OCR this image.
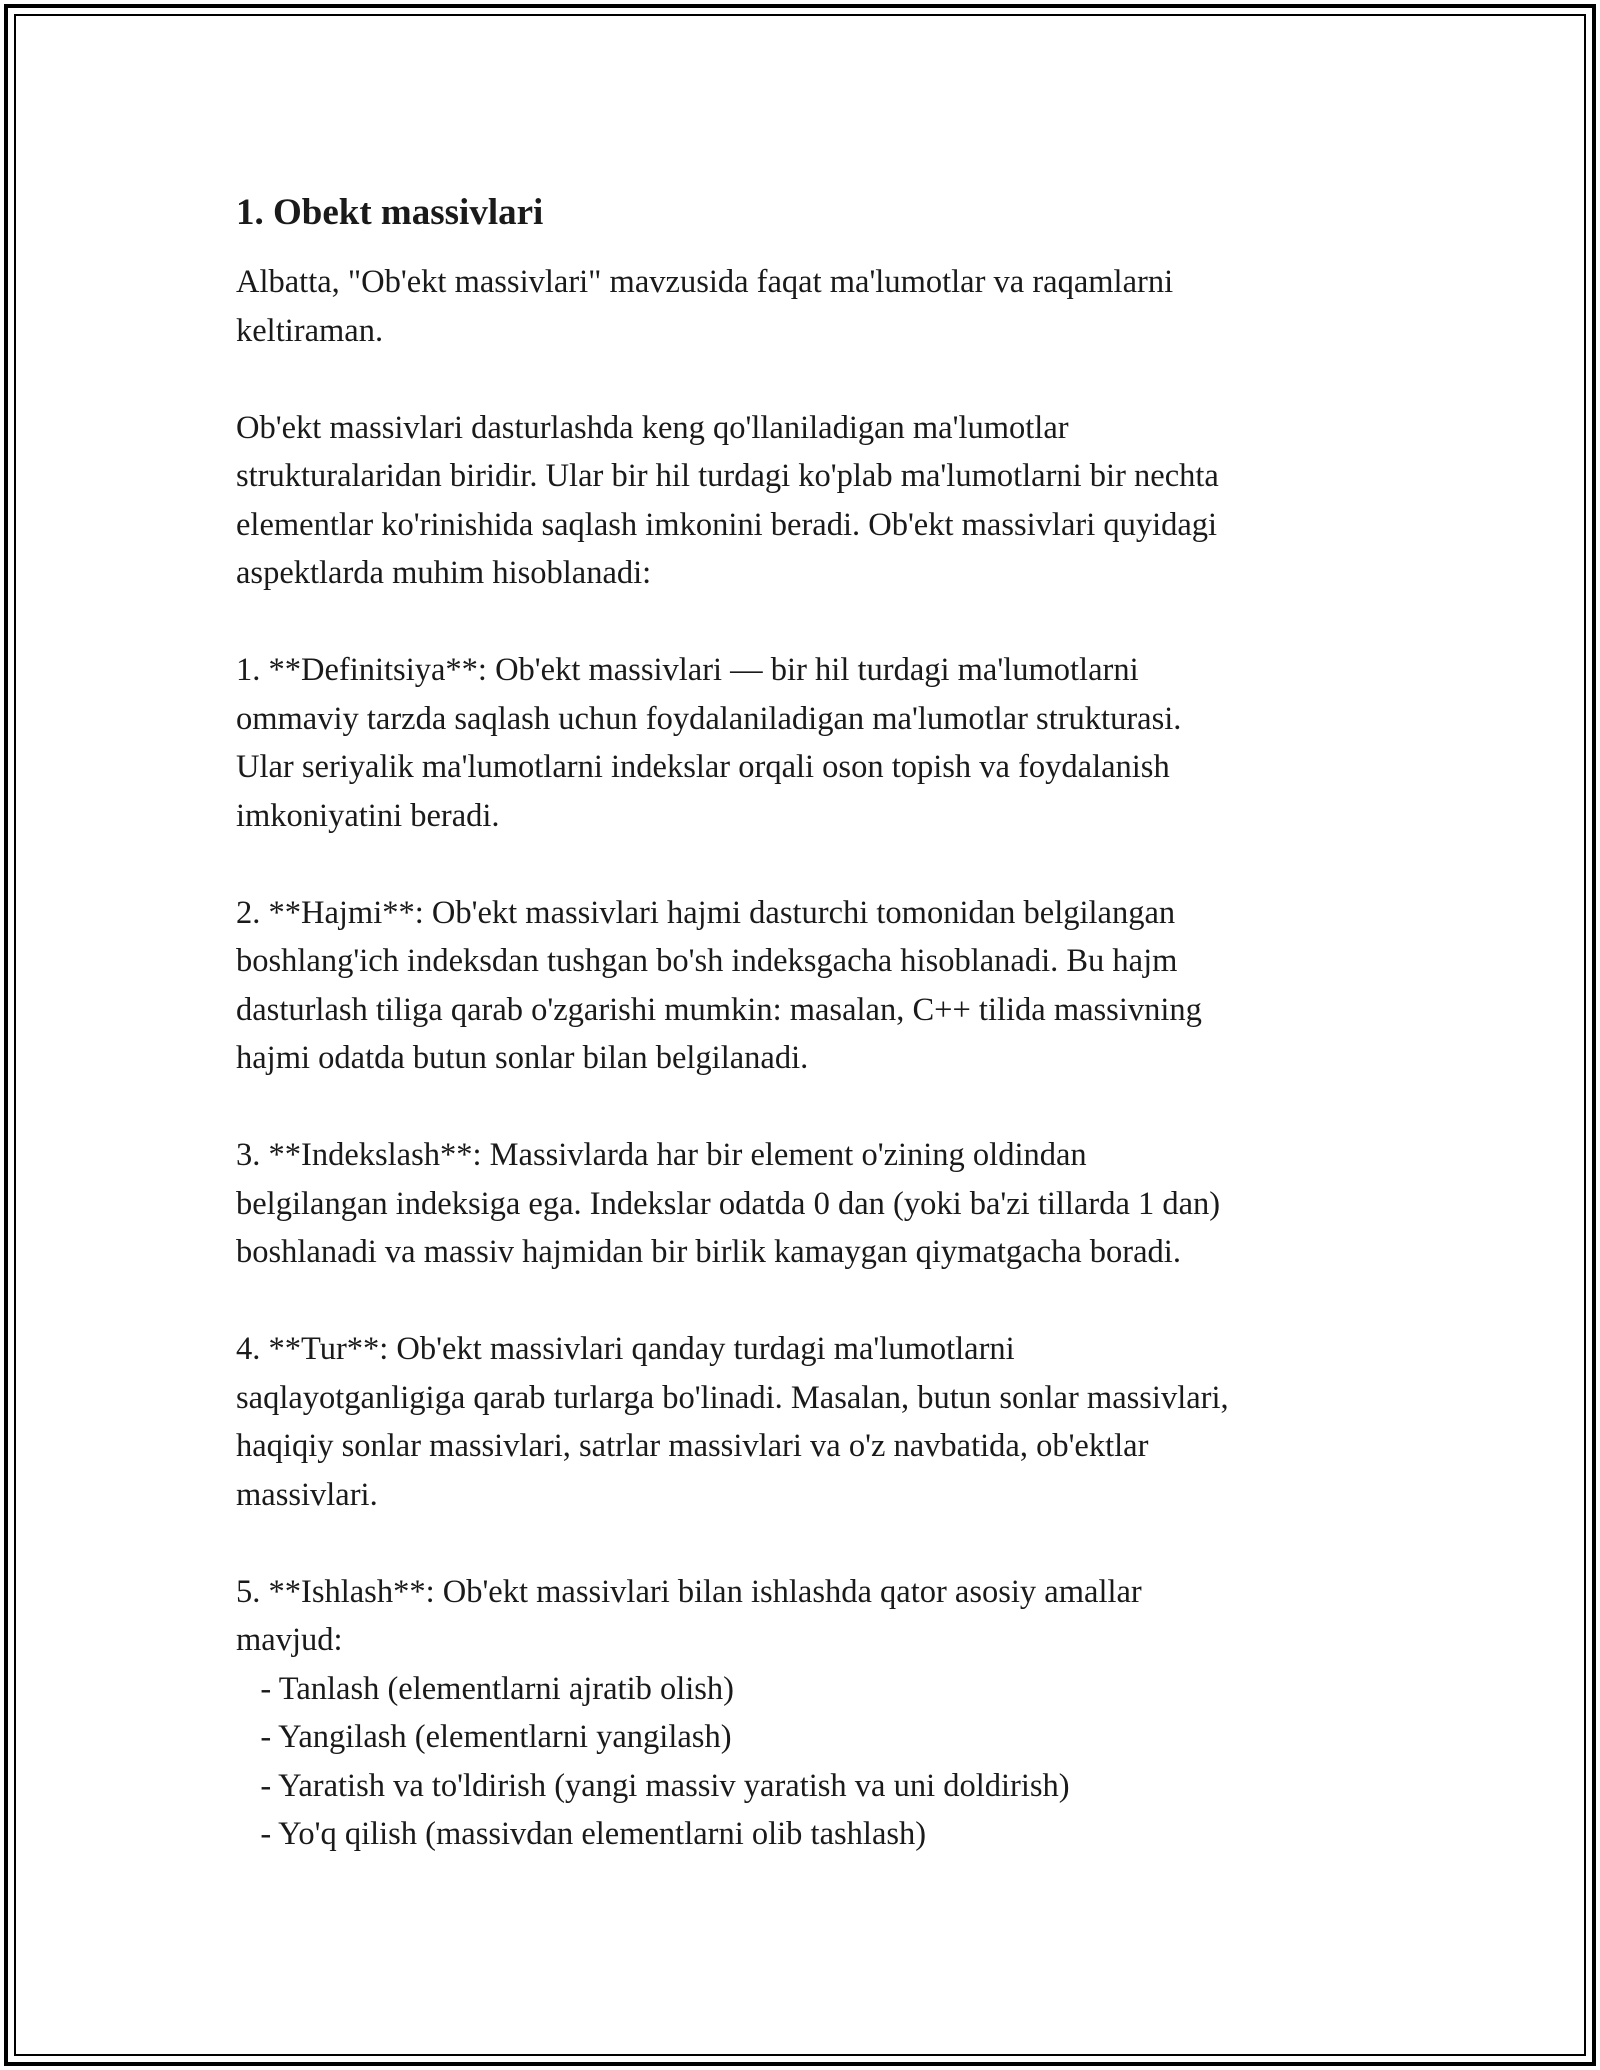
1. Obekt massivlari

Albatta, "Ob'ekt massivlari" mavzusida faqat ma'lumotlar va raqamlarni
keltiraman.

Ob'ekt massivlari dasturlashda keng qo'llaniladigan ma'lumotlar
strukturalaridan biridir. Ular bir hil turdagi ko'plab ma'lumotlarni bir nechta
elementlar ko'rinishida saqlash imkonini beradi. Ob'ekt massivlari quyidagi
aspektlarda muhim hisoblanadi:

1. **Definitsiya**: Ob'ekt massivlari — bir hil turdagi ma'lumotlarni
ommaviy tarzda saqlash uchun foydalaniladigan ma'lumotlar strukturasi.
Ular seriyalik ma'lumotlarni indekslar orqali oson topish va foydalanish
imkoniyatini beradi.

2. **Hajmi**: Ob'ekt massivlari hajmi dasturchi tomonidan belgilangan
boshlang'ich indeksdan tushgan bo'sh indeksgacha hisoblanadi. Bu hajm
dasturlash tiliga qarab o'zgarishi mumkin: masalan, C++ tilida massivning
hajmi odatda butun sonlar bilan belgilanadi.

3. **Indekslash**: Massivlarda har bir element o'zining oldindan
belgilangan indeksiga ega. Indekslar odatda 0 dan (yoki ba'zi tillarda 1 dan)
boshlanadi va massiv hajmidan bir birlik kamaygan qiymatgacha boradi.

4. **Tur**: Ob'ekt massivlari qanday turdagi ma'lumotlarni
saqlayotganligiga qarab turlarga bo'linadi. Masalan, butun sonlar massivlari,
haqiqiy sonlar massivlari, satrlar massivlari va o'z navbatida, ob'ektlar
massivlari.

5. **Ishlash**: Ob'ekt massivlari bilan ishlashda qator asosiy amallar
mavjud:
- Tanlash (elementlarni ajratib olish)
- Yangilash (elementlarni yangilash)
- Yaratish va to'ldirish (yangi massiv yaratish va uni doldirish)
- Yo'q qilish (massivdan elementlarni olib tashlash)
